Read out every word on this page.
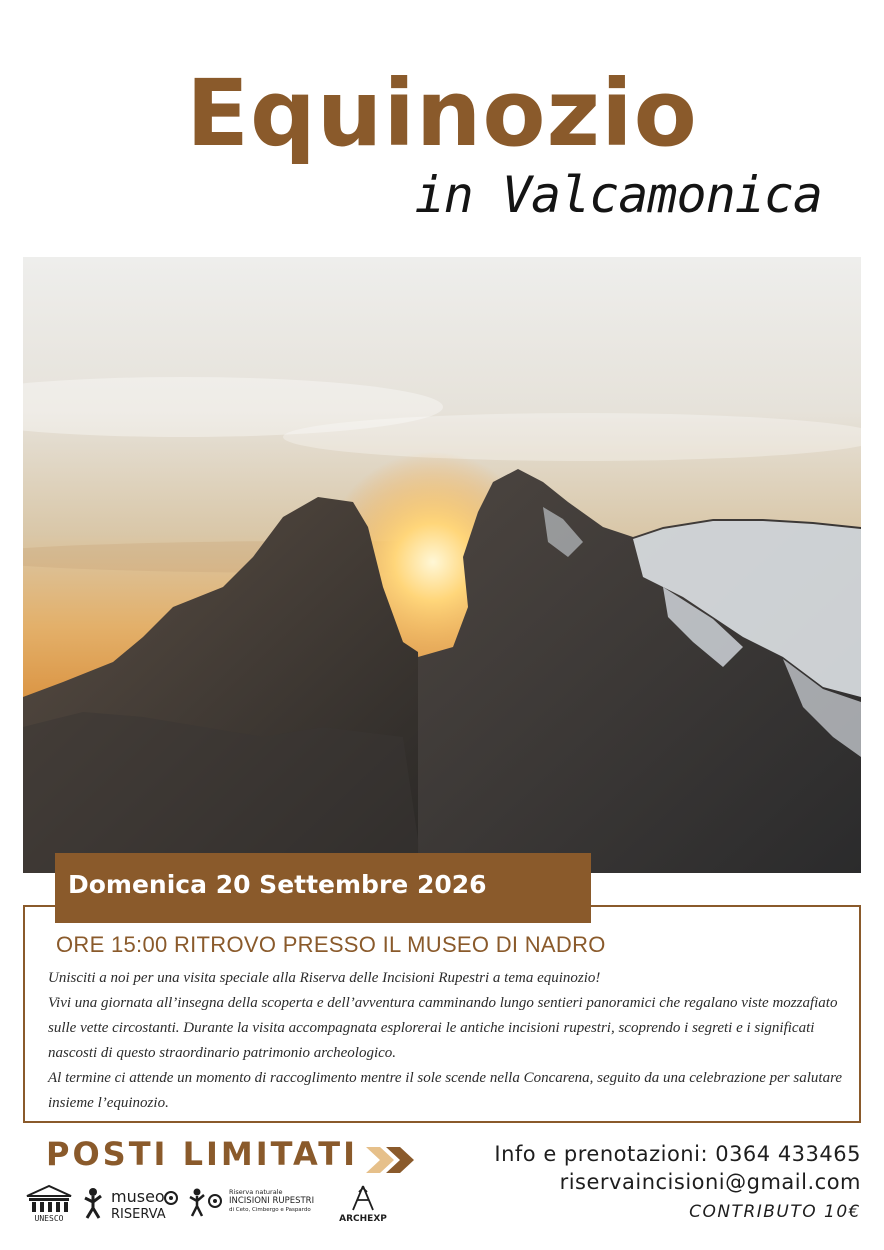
Equinozio
in Valcamonica
Domenica 20 Settembre 2026
ORE 15:00 RITROVO PRESSO IL MUSEO DI NADRO

Unisciti a noi per una visita speciale alla Riserva delle Incisioni Rupestri a tema equinozio!

Vivi una giornata all’insegna della scoperta e dell’avventura camminando lungo sentieri panoramici che regalano viste mozzafiato sulle vette circostanti. Durante la visita accompagnata esplorerai le antiche incisioni rupestri, scoprendo i segreti e i significati nascosti di questo straordinario patrimonio archeologico.

Al termine ci attende un momento di raccoglimento mentre il sole scende nella Concarena, seguito da una celebrazione per salutare insieme l’equinozio.

POSTI LIMITATI	Info e prenotazioni: 0364 433465
riservaincisioni@gmail.com
CONTRIBUTO 10€
UNESCO
museo
RISERVA
Riserva naturale
INCISIONI RUPESTRI
di Ceto, Cimbergo e Paspardo
ARCHEXP
